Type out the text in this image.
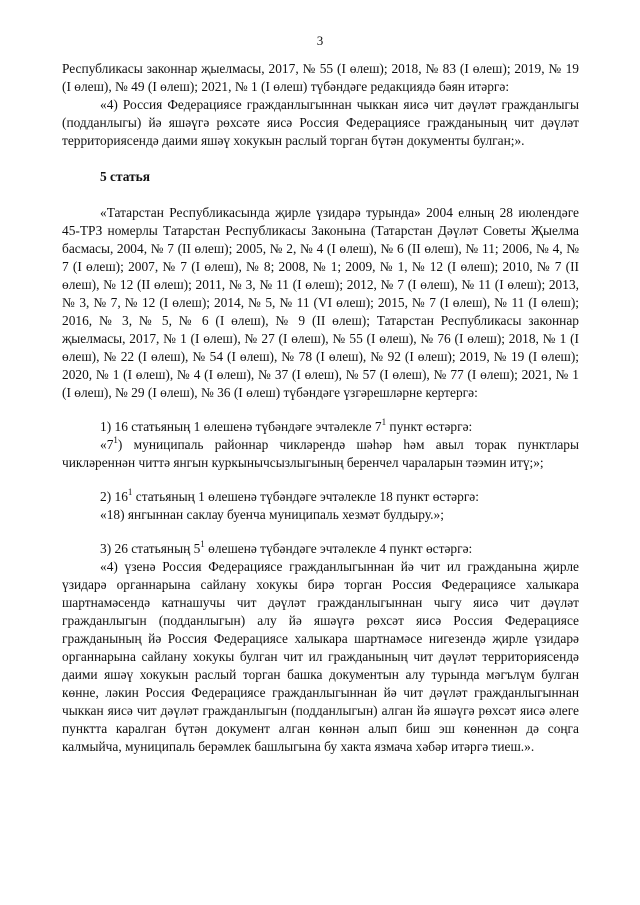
3

Республикасы законнар җыелмасы, 2017, № 55 (I өлеш); 2018, № 83 (I өлеш); 2019, № 19 (I өлеш), № 49 (I өлеш); 2021, № 1 (I өлеш) түбәндәге редакциядә бәян итәргә:

«4) Россия Федерациясе гражданлыгыннан чыккан яисә чит дәүләт гражданлыгы (подданлыгы) йә яшәүгә рөхсәте яисә Россия Федерациясе гражданының чит дәүләт территориясендә даими яшәү хокукын раслый торган бүтән документы булган;».

5 статья

«Татарстан Республикасында җирле үзидарә турында» 2004 елның 28 июлендәге 45-ТРЗ номерлы Татарстан Республикасы Законына (Татарстан Дәүләт Советы Җыелма басмасы, 2004, № 7 (II өлеш); 2005, № 2, № 4 (I өлеш), № 6 (II өлеш), № 11; 2006, № 4, № 7 (I өлеш); 2007, № 7 (I өлеш), № 8; 2008, № 1; 2009, № 1, № 12 (I өлеш); 2010, № 7 (II өлеш), № 12 (II өлеш); 2011, № 3, № 11 (I өлеш); 2012, № 7 (I өлеш), № 11 (I өлеш); 2013, № 3, № 7, № 12 (I өлеш); 2014, № 5, № 11 (VI өлеш); 2015, № 7 (I өлеш), № 11 (I өлеш); 2016, № 3, № 5, № 6 (I өлеш), № 9 (II өлеш); Татарстан Республикасы законнар җыелмасы, 2017, № 1 (I өлеш), № 27 (I өлеш), № 55 (I өлеш), № 76 (I өлеш); 2018, № 1 (I өлеш), № 22 (I өлеш), № 54 (I өлеш), № 78 (I өлеш), № 92 (I өлеш); 2019, № 19 (I өлеш); 2020, № 1 (I өлеш), № 4 (I өлеш), № 37 (I өлеш), № 57 (I өлеш), № 77 (I өлеш); 2021, № 1 (I өлеш), № 29 (I өлеш), № 36 (I өлеш) түбәндәге үзгәрешләрне кертергә:

1) 16 статьяның 1 өлешенә түбәндәге эчтәлекле $7^1$ пункт өстәргә:

«$7^1$) муниципаль районнар чикләрендә шәһәр һәм авыл торак пунктлары чикләреннән читтә янгын куркынычсызлыгының беренчел чараларын тәэмин итү;»;

2) $16^1$ статьяның 1 өлешенә түбәндәге эчтәлекле 18 пункт өстәргә:

«18) янгыннан саклау буенча муниципаль хезмәт булдыру.»;

3) 26 статьяның $5^1$ өлешенә түбәндәге эчтәлекле 4 пункт өстәргә:

«4) үзенә Россия Федерациясе гражданлыгыннан йә чит ил гражданына җирле үзидарә органнарына сайлану хокукы бирә торган Россия Федерациясе халыкара шартнамәсендә катнашучы чит дәүләт гражданлыгыннан чыгу яисә чит дәүләт гражданлыгын (подданлыгын) алу йә яшәүгә рөхсәт яисә Россия Федерациясе гражданының йә Россия Федерациясе халыкара шартнамәсе нигезендә җирле үзидарә органнарына сайлану хокукы булган чит ил гражданының чит дәүләт территориясендә даими яшәү хокукын раслый торган башка документын алу турында мәгълүм булган көнне, ләкин Россия Федерациясе гражданлыгыннан йә чит дәүләт гражданлыгыннан чыккан яисә чит дәүләт гражданлыгын (подданлыгын) алган йә яшәүгә рөхсәт яисә әлеге пунктта каралган бүтән документ алган көннән алып биш эш көненнән дә соңга калмыйча, муниципаль берәмлек башлыгына бу хакта язмача хәбәр итәргә тиеш.».
